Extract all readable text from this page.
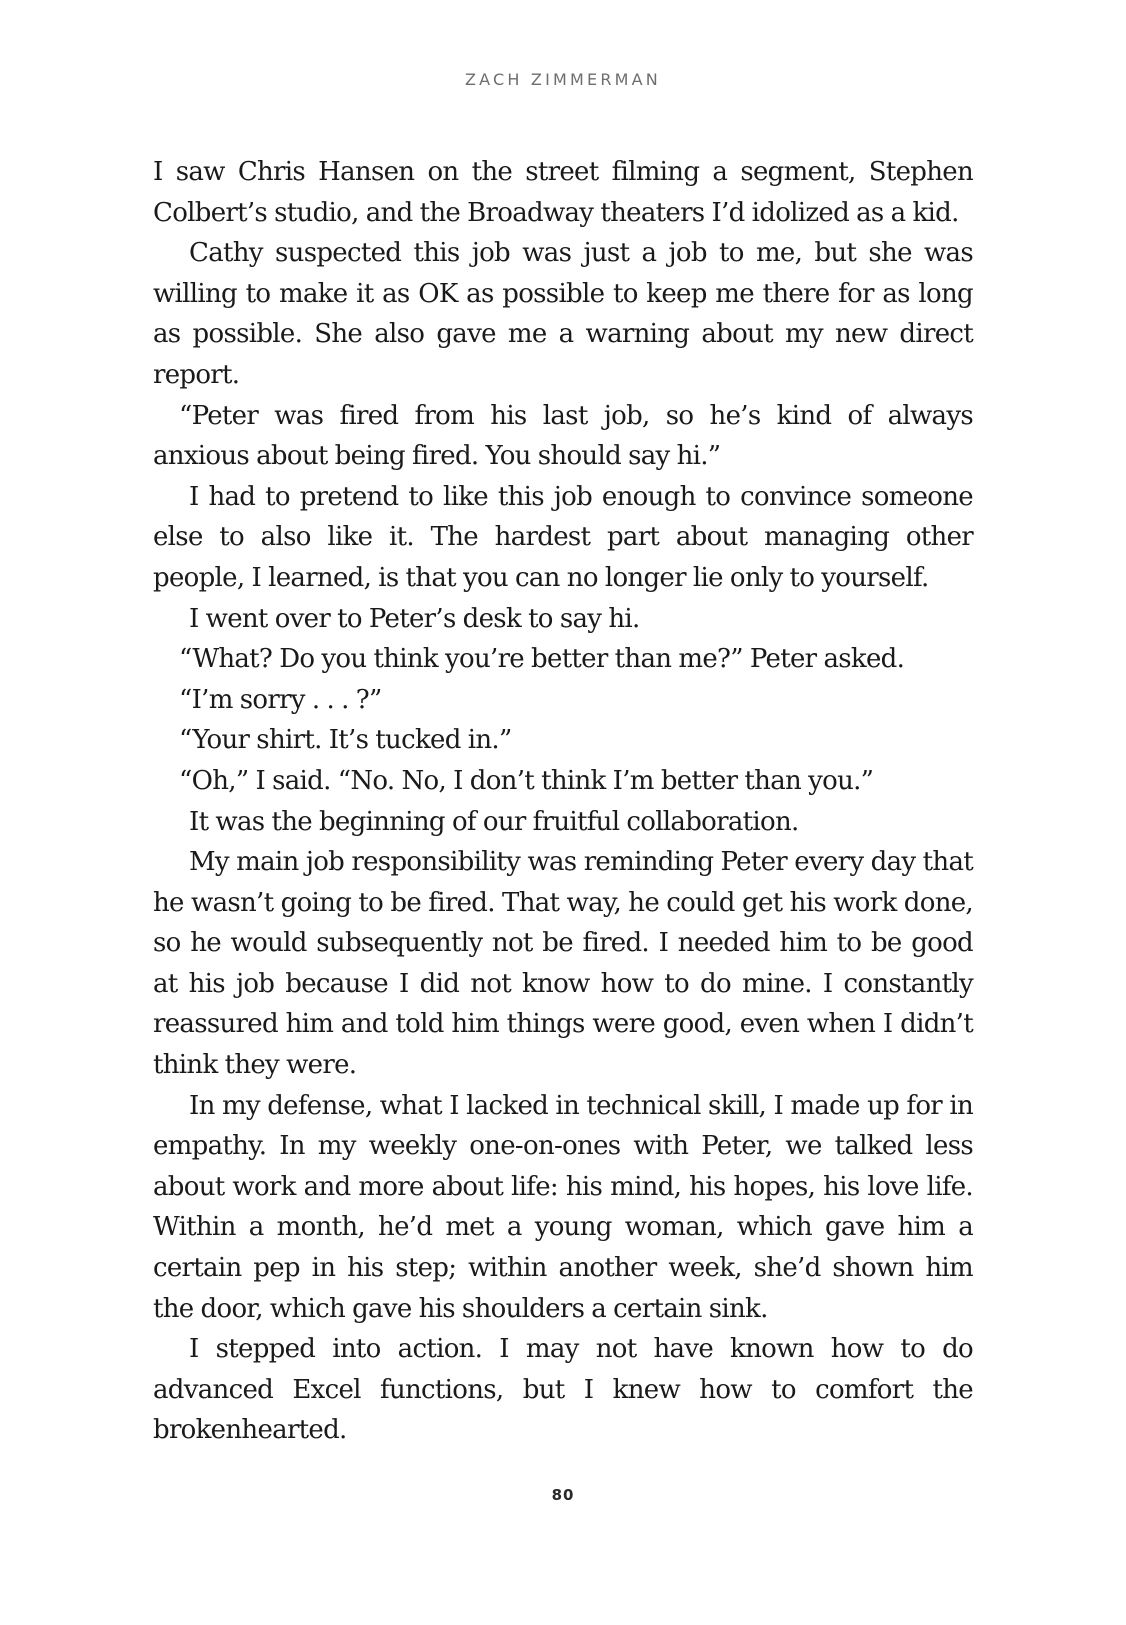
ZACH ZIMMERMAN

I saw Chris Hansen on the street filming a segment, Stephen Colbert’s studio, and the Broadway theaters I’d idolized as a kid.

Cathy suspected this job was just a job to me, but she was willing to make it as OK as possible to keep me there for as long as possible. She also gave me a warning about my new direct report.

“Peter was fired from his last job, so he’s kind of always anxious about being fired. You should say hi.”

I had to pretend to like this job enough to convince someone else to also like it. The hardest part about managing other people, I learned, is that you can no longer lie only to yourself.

I went over to Peter’s desk to say hi.

“What? Do you think you’re better than me?” Peter asked.

“I’m sorry . . . ?”

“Your shirt. It’s tucked in.”

“Oh,” I said. “No. No, I don’t think I’m better than you.”

It was the beginning of our fruitful collaboration.

My main job responsibility was reminding Peter every day that he wasn’t going to be fired. That way, he could get his work done, so he would subsequently not be fired. I needed him to be good at his job because I did not know how to do mine. I constantly reassured him and told him things were good, even when I didn’t think they were.

In my defense, what I lacked in technical skill, I made up for in empathy. In my weekly one-on-ones with Peter, we talked less about work and more about life: his mind, his hopes, his love life. Within a month, he’d met a young woman, which gave him a certain pep in his step; within another week, she’d shown him the door, which gave his shoulders a certain sink.

I stepped into action. I may not have known how to do advanced Excel functions, but I knew how to comfort the brokenhearted.

80
